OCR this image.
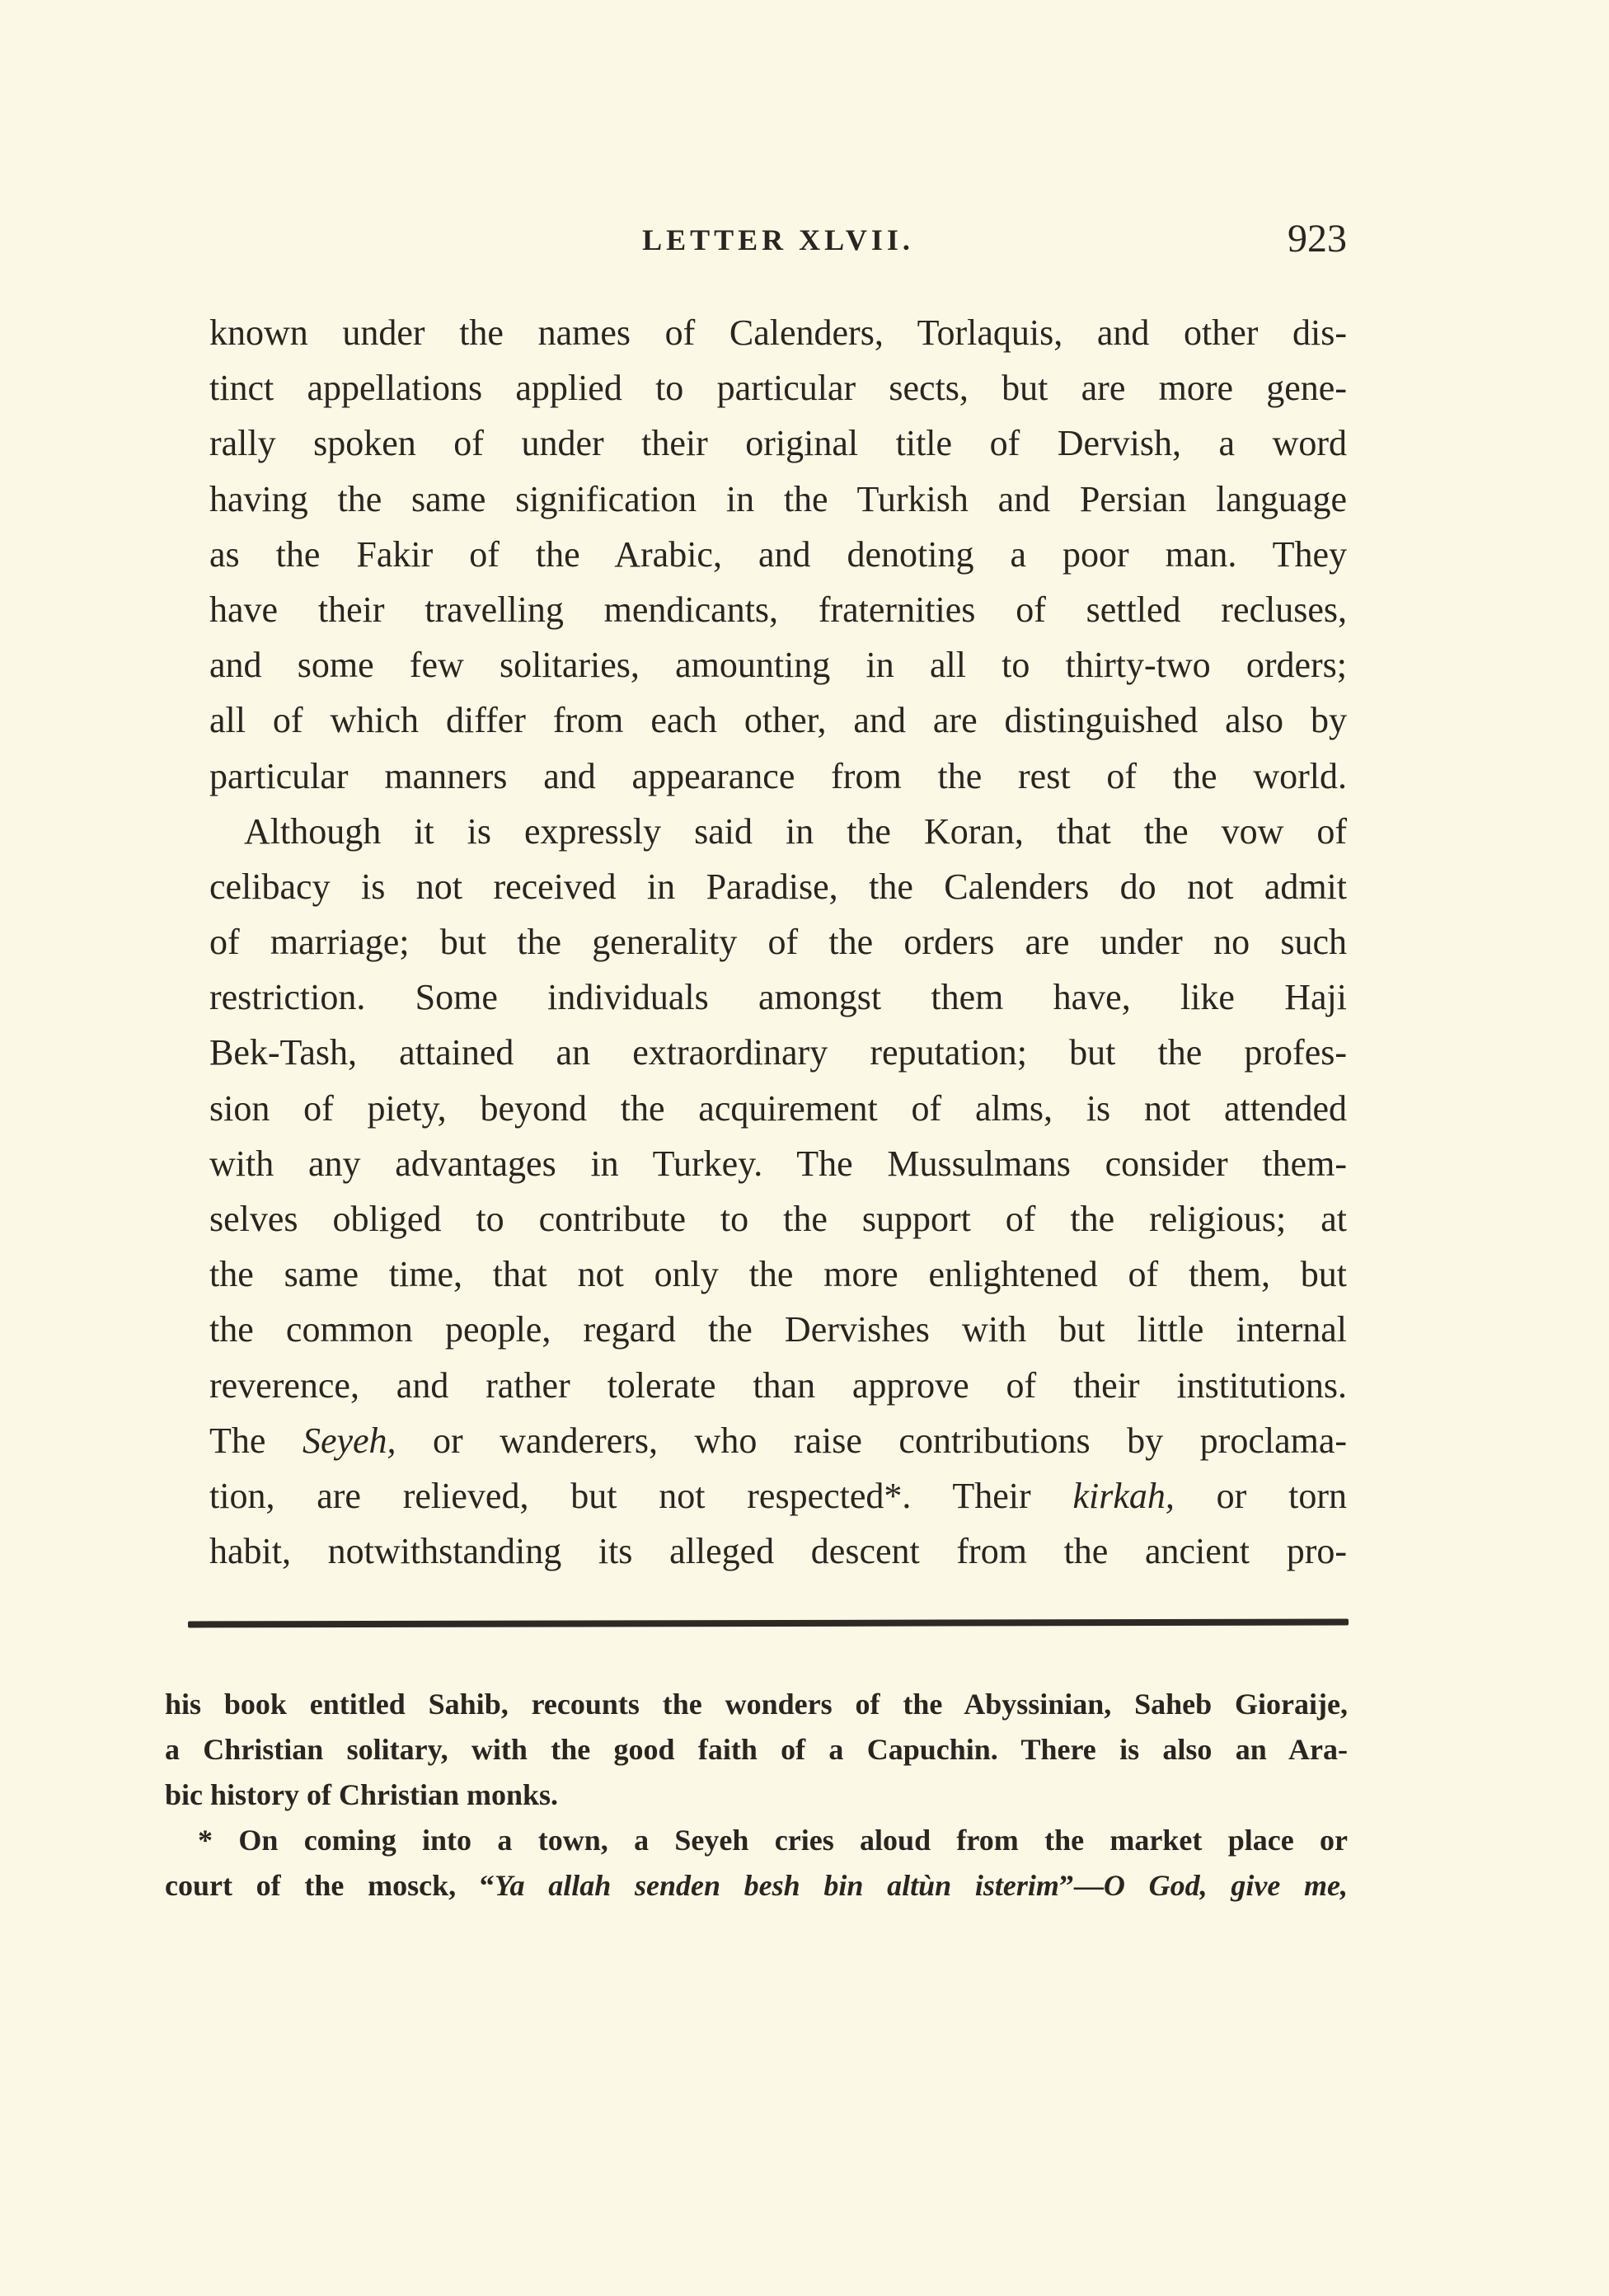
LETTER XLVII.	923
known under the names of Calenders, Torlaquis, and other dis-
tinct appellations applied to particular sects, but are more gene-
rally spoken of under their original title of Dervish, a word
having the same signification in the Turkish and Persian language
as the Fakir of the Arabic, and denoting a poor man. They
have their travelling mendicants, fraternities of settled recluses,
and some few solitaries, amounting in all to thirty-two orders;
all of which differ from each other, and are distinguished also by
particular manners and appearance from the rest of the world.
Although it is expressly said in the Koran, that the vow of
celibacy is not received in Paradise, the Calenders do not admit
of marriage; but the generality of the orders are under no such
restriction. Some individuals amongst them have, like Haji
Bek-Tash, attained an extraordinary reputation; but the profes-
sion of piety, beyond the acquirement of alms, is not attended
with any advantages in Turkey. The Mussulmans consider them-
selves obliged to contribute to the support of the religious; at
the same time, that not only the more enlightened of them, but
the common people, regard the Dervishes with but little internal
reverence, and rather tolerate than approve of their institutions.
The Seyeh, or wanderers, who raise contributions by proclama-
tion, are relieved, but not respected*. Their kirkah, or torn
habit, notwithstanding its alleged descent from the ancient pro-
his book entitled Sahib, recounts the wonders of the Abyssinian, Saheb Gioraije,
a Christian solitary, with the good faith of a Capuchin. There is also an Ara-
bic history of Christian monks.
* On coming into a town, a Seyeh cries aloud from the market place or
court of the mosck, “Ya allah senden besh bin altùn isterim”—O God, give me,
